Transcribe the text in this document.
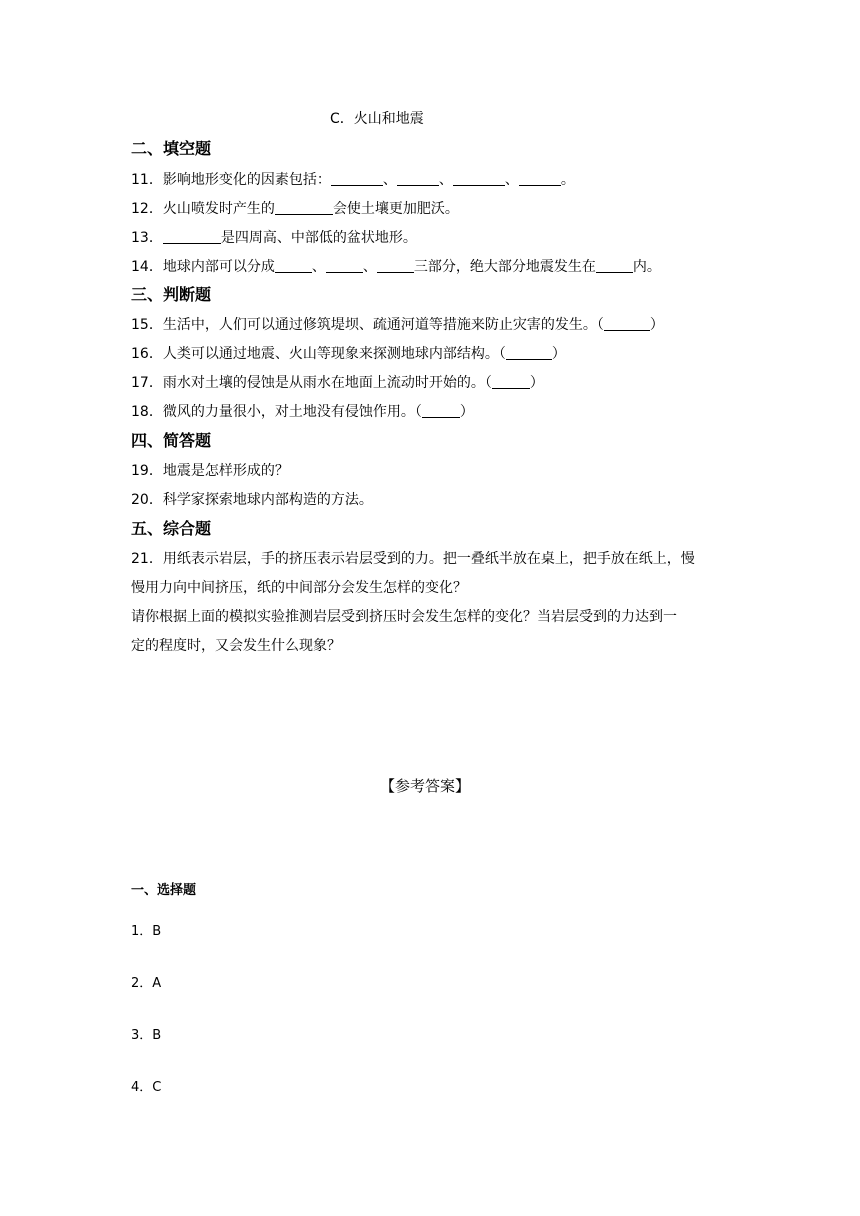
C．火山和地震
二、填空题
11．影响地形变化的因素包括：	、	、	、	。
12．火山喷发时产生的	会使土壤更加肥沃。
13．	是四周高、中部低的盆状地形。
14．地球内部可以分成	、	、	三部分，绝大部分地震发生在	内。
三、判断题
15．生活中，人们可以通过修筑堤坝、疏通河道等措施来防止灾害的发生。（	）
16．人类可以通过地震、火山等现象来探测地球内部结构。（	）
17．雨水对土壤的侵蚀是从雨水在地面上流动时开始的。（	）
18．微风的力量很小，对土地没有侵蚀作用。（	）
四、简答题
19．地震是怎样形成的？
20．科学家探索地球内部构造的方法。
五、综合题
21．用纸表示岩层，手的挤压表示岩层受到的力。把一叠纸半放在桌上，把手放在纸上，慢
慢用力向中间挤压，纸的中间部分会发生怎样的变化？
请你根据上面的模拟实验推测岩层受到挤压时会发生怎样的变化？当岩层受到的力达到一
定的程度时，又会发生什么现象？
【参考答案】
一、选择题
1．B
2．A
3．B
4．C
